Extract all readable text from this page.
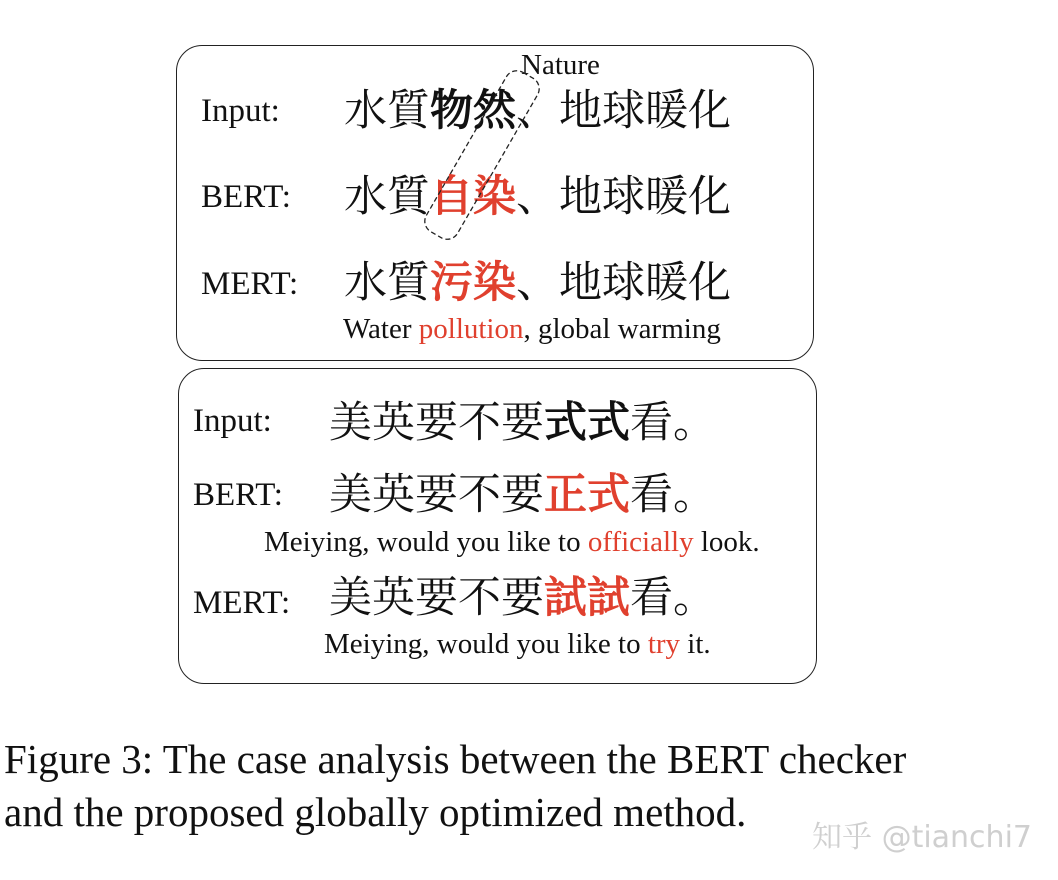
Nature
Input: 水質物然、地球暖化
BERT: 水質自染、地球暖化
MERT: 水質污染、地球暖化
Water pollution, global warming
Input: 美英要不要式式看。
BERT: 美英要不要正式看。
Meiying, would you like to officially look.
MERT: 美英要不要試試看。
Meiying, would you like to try it.
Figure 3: The case analysis between the BERT checker
and the proposed globally optimized method.
知乎 @tianchi7
